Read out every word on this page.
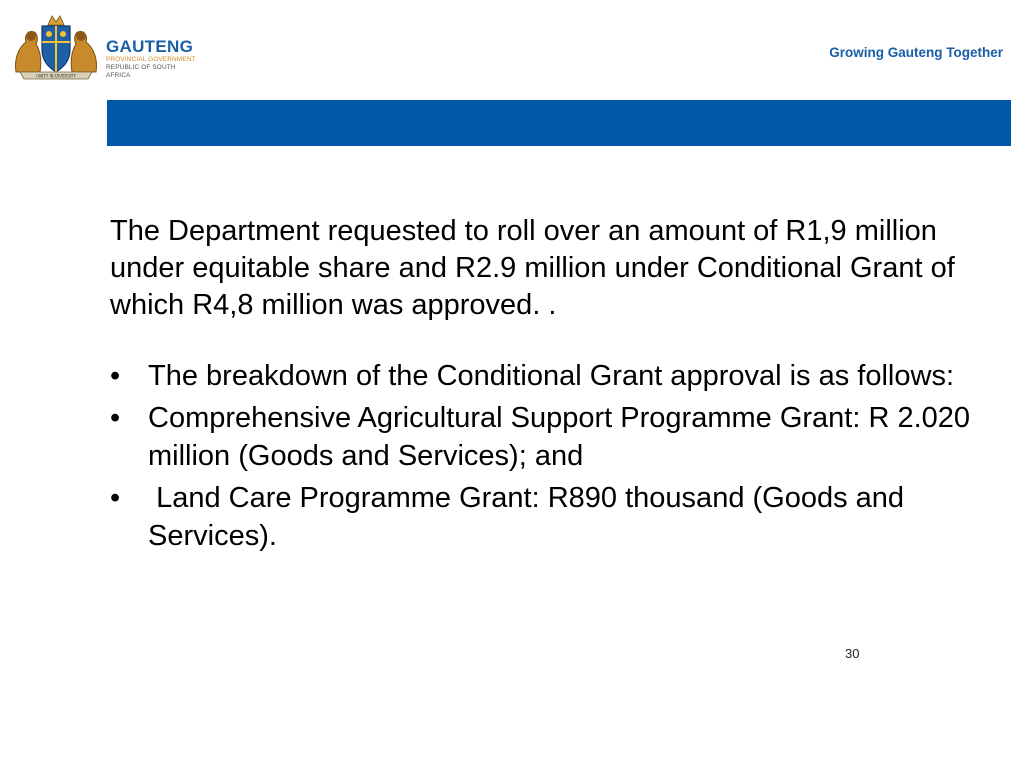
UNITY IN DIVERSITY
GAUTENG
PROVINCIAL GOVERNMENT
REPUBLIC OF SOUTH AFRICA
Growing Gauteng Together

The Department requested to roll over an amount of R1,9 million under equitable share and R2.9 million under Conditional Grant of which R4,8 million was approved. .

• The breakdown of the Conditional Grant approval is as follows:
• Comprehensive Agricultural Support Programme Grant: R 2.020 million (Goods and Services); and
• Land Care Programme Grant: R890 thousand (Goods and Services).
30
